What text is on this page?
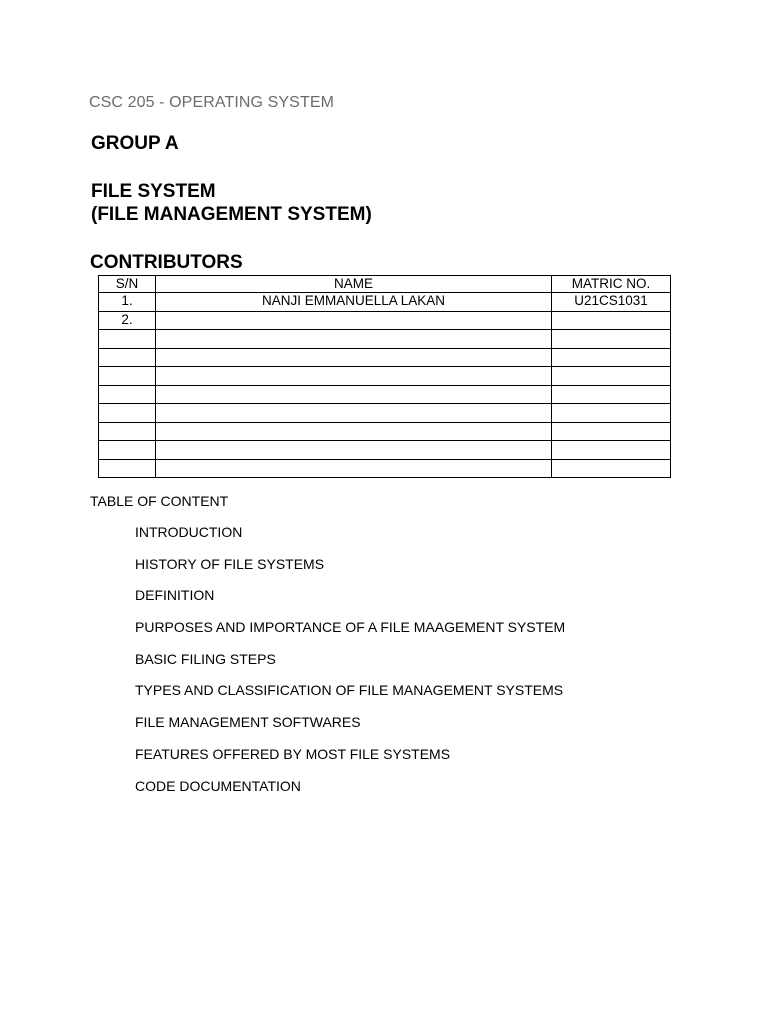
CSC 205 - OPERATING SYSTEM
GROUP A
FILE SYSTEM
(FILE MANAGEMENT SYSTEM)
CONTRIBUTORS
S/N	NAME	MATRIC NO.
1.	NANJI EMMANUELLA LAKAN	U21CS1031
2.		

TABLE OF CONTENT
INTRODUCTION
HISTORY OF FILE SYSTEMS
DEFINITION
PURPOSES AND IMPORTANCE OF A FILE MAAGEMENT SYSTEM
BASIC FILING STEPS
TYPES AND CLASSIFICATION OF FILE MANAGEMENT SYSTEMS
FILE MANAGEMENT SOFTWARES
FEATURES OFFERED BY MOST FILE SYSTEMS
CODE DOCUMENTATION
